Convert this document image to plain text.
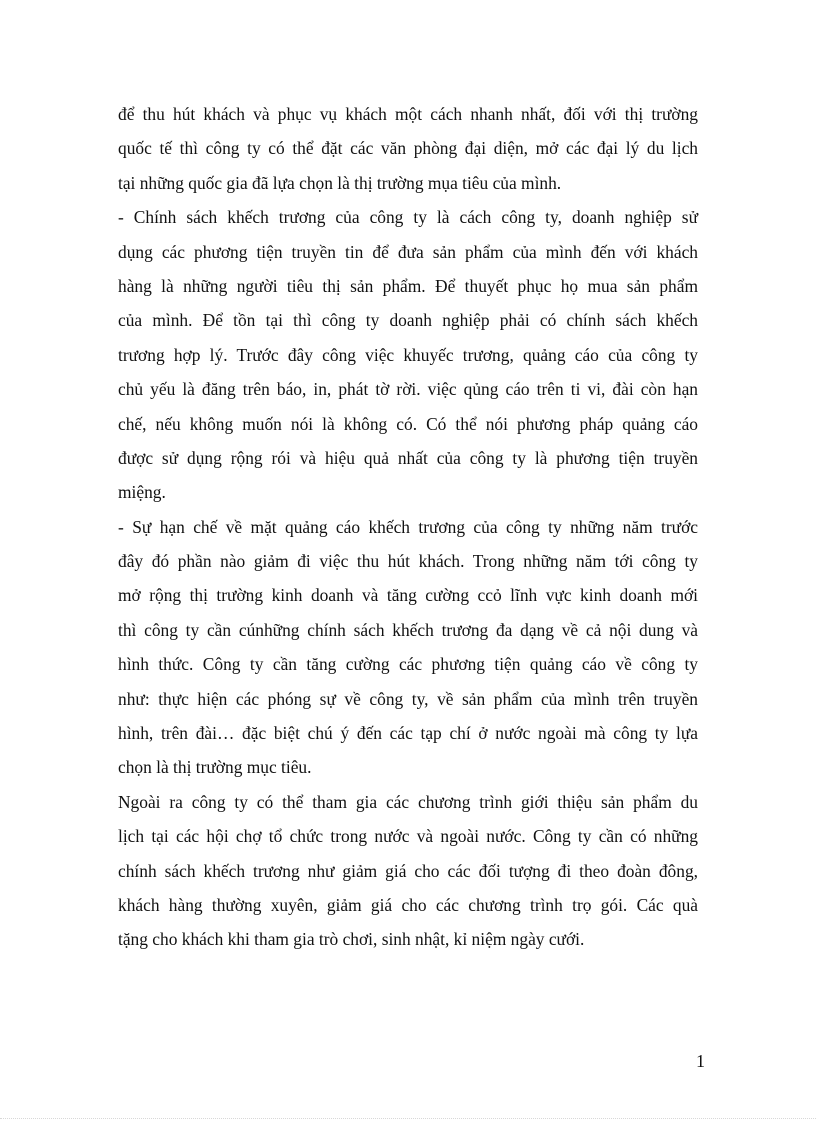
để thu hút khách và phục vụ khách một cách nhanh nhất, đối với thị trường
quốc tế thì công ty có thể đặt các văn phòng đại diện, mở các đại lý du lịch
tại những quốc gia đã lựa chọn là thị trường mụa tiêu của mình.
- Chính sách khếch trương của công ty là cách công ty, doanh nghiệp sử
dụng các phương tiện truyền tin để đưa sản phẩm của mình đến với khách
hàng là những người tiêu thị sản phẩm. Để thuyết phục họ mua sản phẩm
của mình. Để tồn tại thì công ty doanh nghiệp phải có chính sách khếch
trương hợp lý. Trước đây công việc khuyếc trương, quảng cáo của công ty
chủ yếu là đăng trên báo, in, phát tờ rời. việc qủng cáo trên ti vi, đài còn hạn
chế, nếu không muốn nói là không có. Có thể nói phương pháp quảng cáo
được sử dụng rộng rói và hiệu quả nhất của công ty là phương tiện truyền
miệng.
- Sự hạn chế về mặt quảng cáo khếch trương của công ty những năm trước
đây đó phần nào giảm đi việc thu hút khách. Trong những năm tới công ty
mở rộng thị trường kinh doanh và tăng cường ccỏ lĩnh vực kinh doanh mới
thì công ty cần cúnhững chính sách khếch trương đa dạng về cả nội dung và
hình thức. Công ty cần tăng cường các phương tiện quảng cáo về công ty
như: thực hiện các phóng sự về công ty, về sản phẩm của mình trên truyền
hình, trên đài… đặc biệt chú ý đến các tạp chí ở nước ngoài mà công ty lựa
chọn là thị trường mục tiêu.
Ngoài ra công ty có thể tham gia các chương trình giới thiệu sản phẩm du
lịch tại các hội chợ tổ chức trong nước và ngoài nước. Công ty cần có những
chính sách khếch trương như giảm giá cho các đối tượng đi theo đoàn đông,
khách hàng thường xuyên, giảm giá cho các chương trình trọ gói. Các quà
tặng cho khách khi tham gia trò chơi, sinh nhật, kỉ niệm ngày cưới.
1
